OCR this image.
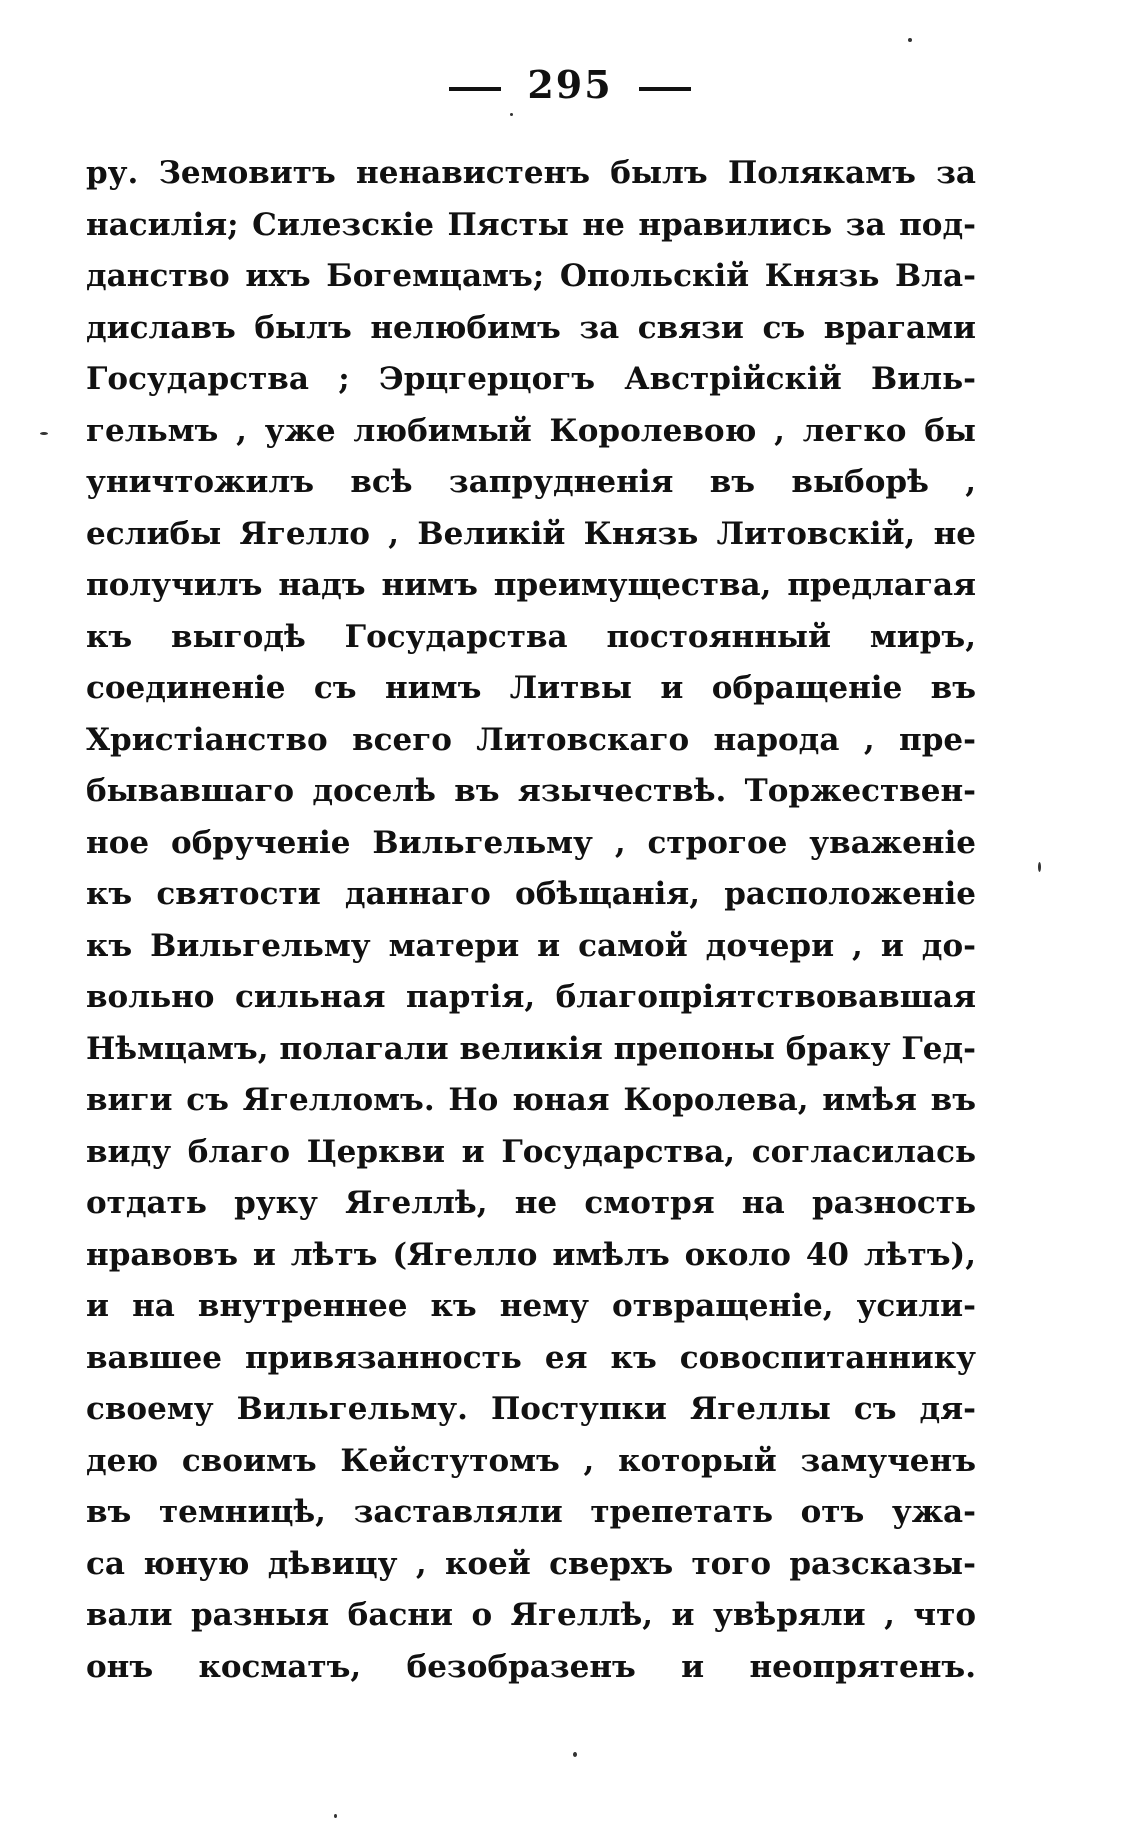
295
ру. Земовитъ ненавистенъ былъ Полякамъ за
насилія; Силезскіе Пясты не нравились за под-
данство ихъ Богемцамъ; Опольскій Князь Вла-
диславъ былъ нелюбимъ за связи съ врагами
Государства ; Эрцгерцогъ Австрійскій Виль-
гельмъ , уже любимый Королевою , легко бы
уничтожилъ всѣ запрудненія въ выборѣ ,
еслибы Ягелло , Великій Князь Литовскій, не
получилъ надъ нимъ преимущества, предлагая
къ выгодѣ Государства постоянный миръ,
соединеніе съ нимъ Литвы и обращеніе въ
Христіанство всего Литовскаго народа , пре-
бывавшаго доселѣ въ язычествѣ. Торжествен-
ное обрученіе Вильгельму , строгое уваженіе
къ святости даннаго обѣщанія, расположеніе
къ Вильгельму матери и самой дочери , и до-
вольно сильная партія, благопріятствовавшая
Нѣмцамъ, полагали великія препоны браку Гед-
виги съ Ягелломъ. Но юная Королева, имѣя въ
виду благо Церкви и Государства, согласилась
отдать руку Ягеллѣ, не смотря на разность
нравовъ и лѣтъ (Ягелло имѣлъ около 40 лѣтъ),
и на внутреннее къ нему отвращеніе, усили-
вавшее привязанность ея къ совоспитаннику
своему Вильгельму. Поступки Ягеллы съ дя-
дею своимъ Кейстутомъ , который замученъ
въ темницѣ, заставляли трепетать отъ ужа-
са юную дѣвицу , коей сверхъ того разсказы-
вали разныя басни о Ягеллѣ, и увѣряли , что
онъ косматъ, безобразенъ и неопрятенъ.
